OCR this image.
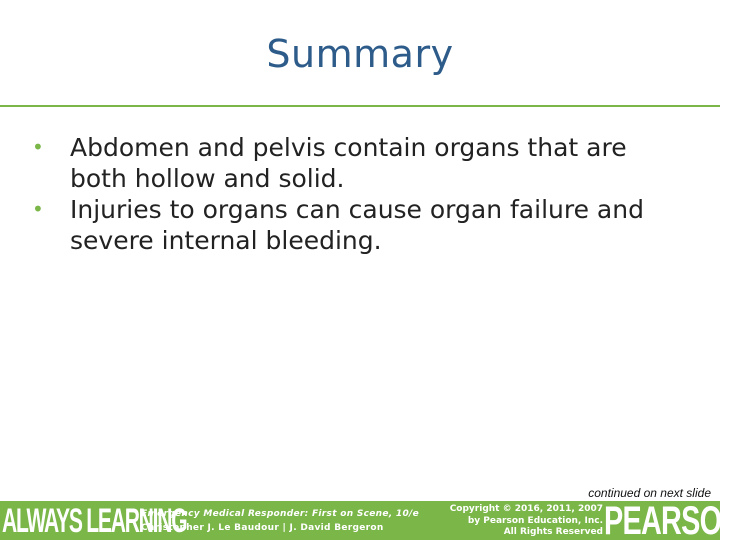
Summary
• Abdomen and pelvis contain organs that are both hollow and solid.
• Injuries to organs can cause organ failure and severe internal bleeding.
continued on next slide
ALWAYS LEARNING
Emergency Medical Responder: First on Scene, 10/e
Christopher J. Le Baudour | J. David Bergeron
Copyright © 2016, 2011, 2007
by Pearson Education, Inc.
All Rights Reserved PEARSON
